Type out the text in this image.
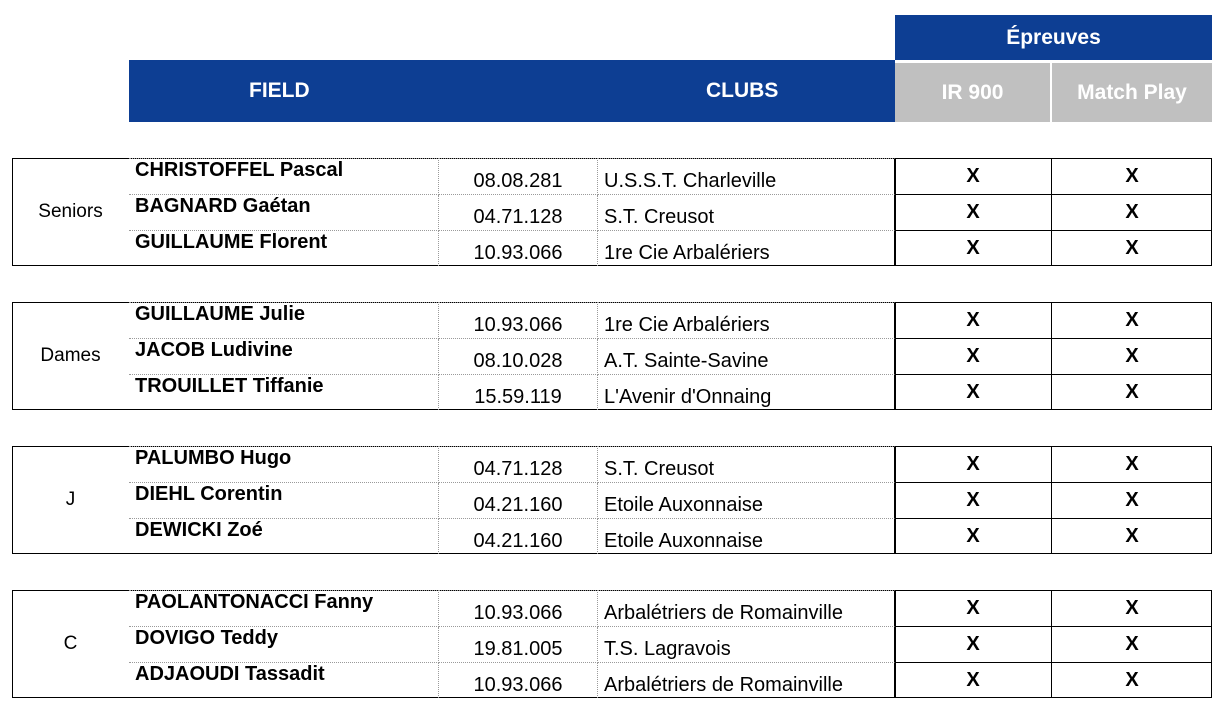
Épreuves
FIELD	CLUBS	IR 900	Match Play
Seniors
CHRISTOFFEL Pascal	08.08.281	U.S.S.T. Charleville	X	X
BAGNARD Gaétan	04.71.128	S.T. Creusot	X	X
GUILLAUME Florent	10.93.066	1re Cie Arbalériers	X	X
Dames
GUILLAUME Julie	10.93.066	1re Cie Arbalériers	X	X
JACOB Ludivine	08.10.028	A.T. Sainte-Savine	X	X
TROUILLET Tiffanie	15.59.119	L'Avenir d'Onnaing	X	X
J
PALUMBO Hugo	04.71.128	S.T. Creusot	X	X
DIEHL Corentin	04.21.160	Etoile Auxonnaise	X	X
DEWICKI Zoé	04.21.160	Etoile Auxonnaise	X	X
C
PAOLANTONACCI Fanny	10.93.066	Arbalétriers de Romainville	X	X
DOVIGO Teddy	19.81.005	T.S. Lagravois	X	X
ADJAOUDI Tassadit	10.93.066	Arbalétriers de Romainville	X	X
